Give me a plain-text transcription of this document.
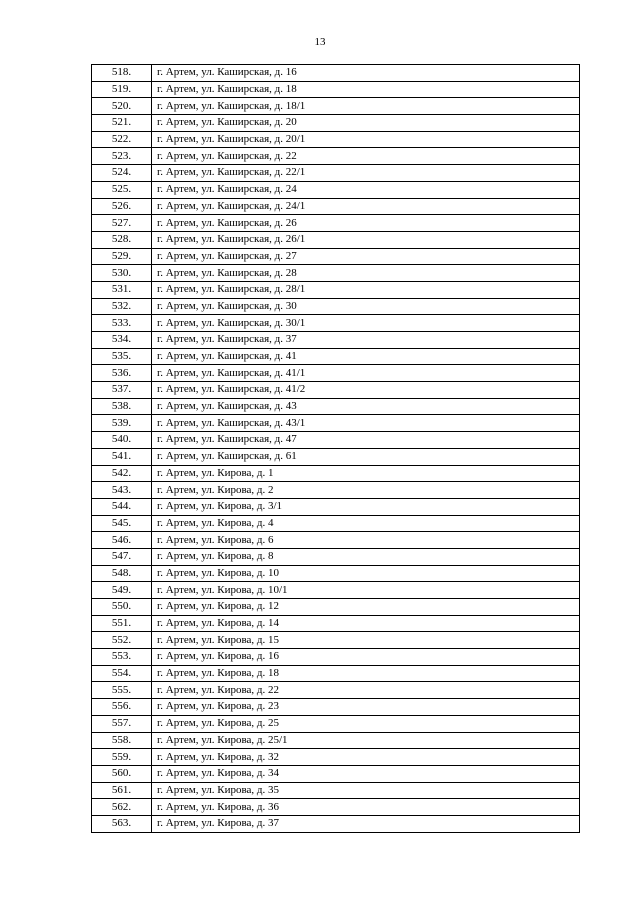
13
518.	г. Артем, ул. Каширская, д. 16
519.	г. Артем, ул. Каширская, д. 18
520.	г. Артем, ул. Каширская, д. 18/1
521.	г. Артем, ул. Каширская, д. 20
522.	г. Артем, ул. Каширская, д. 20/1
523.	г. Артем, ул. Каширская, д. 22
524.	г. Артем, ул. Каширская, д. 22/1
525.	г. Артем, ул. Каширская, д. 24
526.	г. Артем, ул. Каширская, д. 24/1
527.	г. Артем, ул. Каширская, д. 26
528.	г. Артем, ул. Каширская, д. 26/1
529.	г. Артем, ул. Каширская, д. 27
530.	г. Артем, ул. Каширская, д. 28
531.	г. Артем, ул. Каширская, д. 28/1
532.	г. Артем, ул. Каширская, д. 30
533.	г. Артем, ул. Каширская, д. 30/1
534.	г. Артем, ул. Каширская, д. 37
535.	г. Артем, ул. Каширская, д. 41
536.	г. Артем, ул. Каширская, д. 41/1
537.	г. Артем, ул. Каширская, д. 41/2
538.	г. Артем, ул. Каширская, д. 43
539.	г. Артем, ул. Каширская, д. 43/1
540.	г. Артем, ул. Каширская, д. 47
541.	г. Артем, ул. Каширская, д. 61
542.	г. Артем, ул. Кирова, д. 1
543.	г. Артем, ул. Кирова, д. 2
544.	г. Артем, ул. Кирова, д. 3/1
545.	г. Артем, ул. Кирова, д. 4
546.	г. Артем, ул. Кирова, д. 6
547.	г. Артем, ул. Кирова, д. 8
548.	г. Артем, ул. Кирова, д. 10
549.	г. Артем, ул. Кирова, д. 10/1
550.	г. Артем, ул. Кирова, д. 12
551.	г. Артем, ул. Кирова, д. 14
552.	г. Артем, ул. Кирова, д. 15
553.	г. Артем, ул. Кирова, д. 16
554.	г. Артем, ул. Кирова, д. 18
555.	г. Артем, ул. Кирова, д. 22
556.	г. Артем, ул. Кирова, д. 23
557.	г. Артем, ул. Кирова, д. 25
558.	г. Артем, ул. Кирова, д. 25/1
559.	г. Артем, ул. Кирова, д. 32
560.	г. Артем, ул. Кирова, д. 34
561.	г. Артем, ул. Кирова, д. 35
562.	г. Артем, ул. Кирова, д. 36
563.	г. Артем, ул. Кирова, д. 37
